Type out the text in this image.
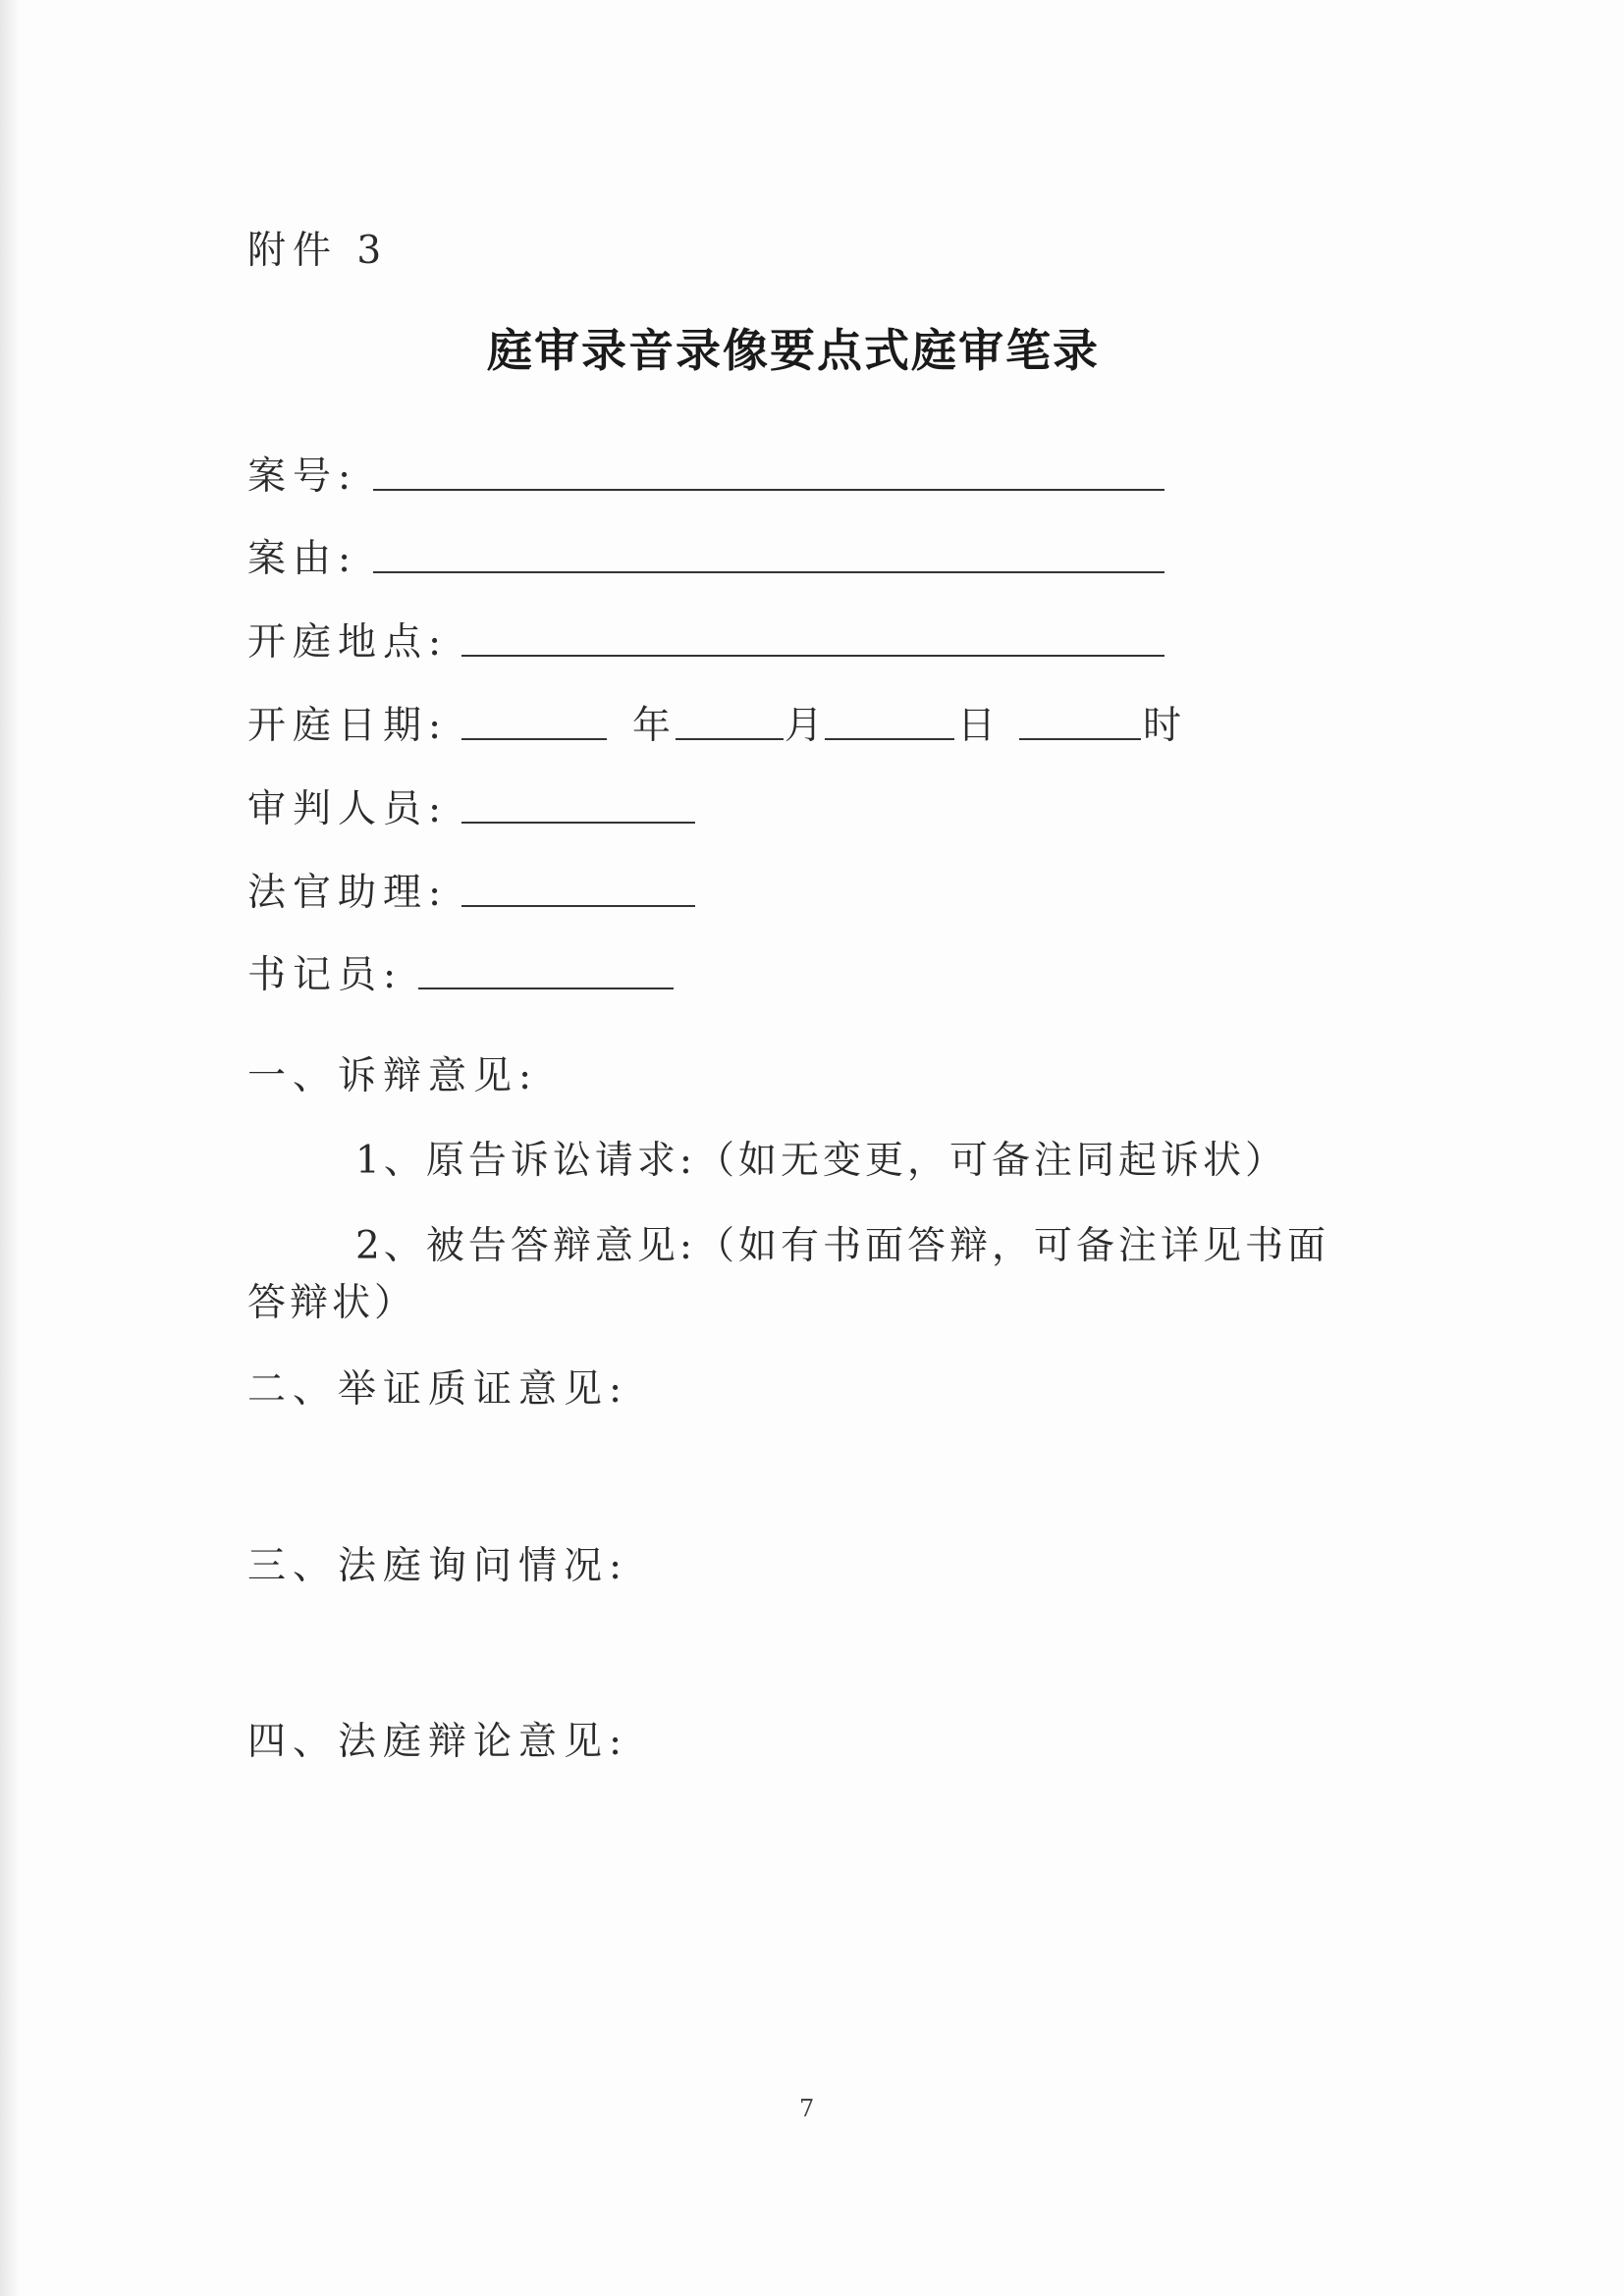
附件 3
庭审录音录像要点式庭审笔录
案号:
案由:
开庭地点:
开庭日期:	年	月	日	时
审判人员:
法官助理:
书记员:
一、诉辩意见:
1、原告诉讼请求:（如无变更，可备注同起诉状）
2、被告答辩意见:（如有书面答辩，可备注详见书面
答辩状）
二、举证质证意见:
三、法庭询问情况:
四、法庭辩论意见:
7
